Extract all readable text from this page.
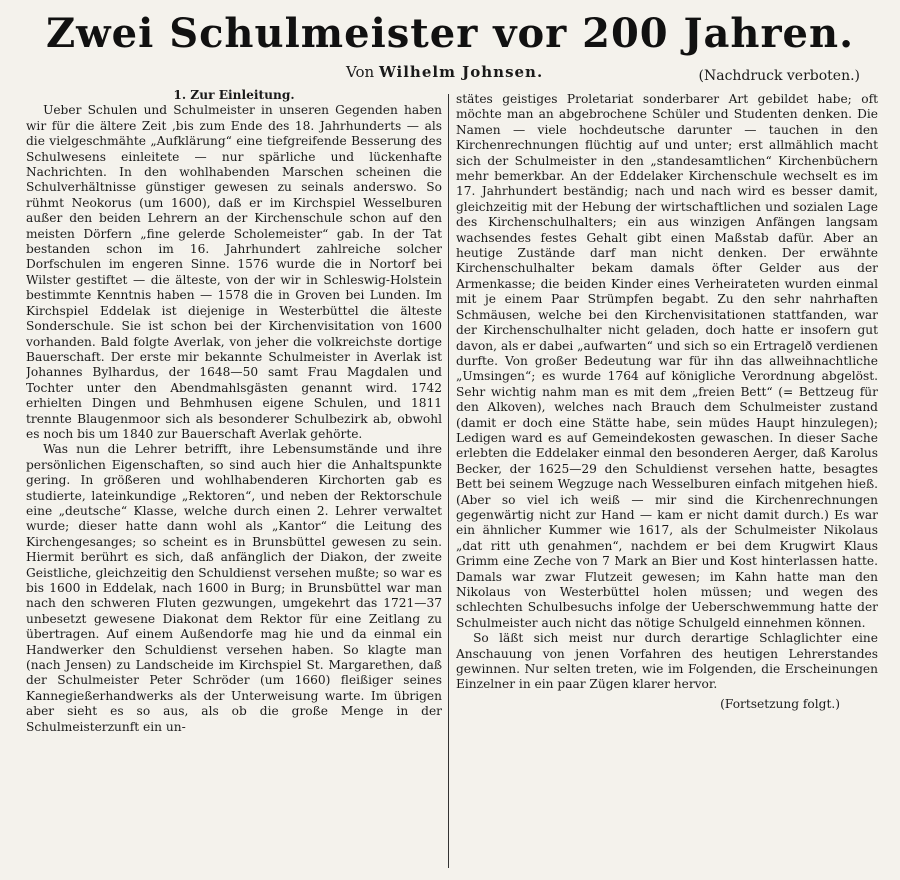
Zwei Schulmeister vor 200 Jahren.
Von Wilhelm Johnsen.	(Nachdruck verboten.)
1. Zur Einleitung.

Ueber Schulen und Schulmeister in unseren Gegenden haben wir für die ältere Zeit ‚bis zum Ende des 18. Jahrhunderts — als die vielgeschmähte „Aufklärung“ eine tiefgreifende Besserung des Schulwesens einleitete — nur spärliche und lückenhafte Nachrichten. In den wohlhabenden Marschen scheinen die Schulverhältnisse günstiger gewesen zu seinals anderswo. So rühmt Neokorus (um 1600), daß er im Kirchspiel Wesselburen außer den beiden Lehrern an der Kirchenschule schon auf den meisten Dörfern „fine gelerde Scholemeister“ gab. In der Tat bestanden schon im 16. Jahrhundert zahlreiche solcher Dorfschulen im engeren Sinne. 1576 wurde die in Nortorf bei Wilster gestiftet — die älteste, von der wir in Schleswig-Holstein bestimmte Kenntnis haben — 1578 die in Groven bei Lunden. Im Kirchspiel Eddelak ist diejenige in Westerbüttel die älteste Sonderschule. Sie ist schon bei der Kirchenvisitation von 1600 vorhanden. Bald folgte Averlak, von jeher die volkreichste dortige Bauerschaft. Der erste mir bekannte Schulmeister in Averlak ist Johannes Bylhardus, der 1648—50 samt Frau Magdalen und Tochter unter den Abendmahlsgästen genannt wird. 1742 erhielten Dingen und Behmhusen eigene Schulen, und 1811 trennte Blaugenmoor sich als besonderer Schulbezirk ab, obwohl es noch bis um 1840 zur Bauerschaft Averlak gehörte.

Was nun die Lehrer betrifft, ihre Lebensumstände und ihre persönlichen Eigenschaften, so sind auch hier die Anhaltspunkte gering. In größeren und wohlhabenderen Kirchorten gab es studierte, lateinkundige „Rektoren“, und neben der Rektorschule eine „deutsche“ Klasse, welche durch einen 2. Lehrer verwaltet wurde; dieser hatte dann wohl als „Kantor“ die Leitung des Kirchengesanges; so scheint es in Brunsbüttel gewesen zu sein. Hiermit berührt es sich, daß anfänglich der Diakon, der zweite Geistliche, gleichzeitig den Schuldienst versehen mußte; so war es bis 1600 in Eddelak, nach 1600 in Burg; in Brunsbüttel war man nach den schweren Fluten gezwungen, umgekehrt das 1721—37 unbesetzt gewesene Diakonat dem Rektor für eine Zeitlang zu übertragen. Auf einem Außendorfe mag hie und da einmal ein Handwerker den Schuldienst versehen haben. So klagte man (nach Jensen) zu Landscheide im Kirchspiel St. Margarethen, daß der Schulmeister Peter Schröder (um 1660) fleißiger seines Kannegießerhandwerks als der Unterweisung warte. Im übrigen aber sieht es so aus, als ob die große Menge in der Schulmeisterzunft ein un-

stätes geistiges Proletariat sonderbarer Art gebildet habe; oft möchte man an abgebrochene Schüler und Studenten denken. Die Namen — viele hochdeutsche darunter — tauchen in den Kirchenrechnungen flüchtig auf und unter; erst allmählich macht sich der Schulmeister in den „standesamtlichen“ Kirchenbüchern mehr bemerkbar. An der Eddelaker Kirchenschule wechselt es im 17. Jahrhundert beständig; nach und nach wird es besser damit, gleichzeitig mit der Hebung der wirtschaftlichen und sozialen Lage des Kirchenschulhalters; ein aus winzigen Anfängen langsam wachsendes festes Gehalt gibt einen Maßstab dafür. Aber an heutige Zustände darf man nicht denken. Der erwähnte Kirchenschulhalter bekam damals öfter Gelder aus der Armenkasse; die beiden Kinder eines Verheirateten wurden einmal mit je einem Paar Strümpfen begabt. Zu den sehr nahrhaften Schmäusen, welche bei den Kirchenvisitationen stattfanden, war der Kirchenschulhalter nicht geladen, doch hatte er insofern gut davon, als er dabei „aufwarten“ und sich so ein Ertragelð verdienen durfte. Von großer Bedeutung war für ihn das allweihnachtliche „Umsingen“; es wurde 1764 auf königliche Verordnung abgelöst. Sehr wichtig nahm man es mit dem „freien Bett“ (= Bettzeug für den Alkoven), welches nach Brauch dem Schulmeister zustand (damit er doch eine Stätte habe, sein müdes Haupt hinzulegen); Ledigen ward es auf Gemeindekosten gewaschen. In dieser Sache erlebten die Eddelaker einmal den besonderen Aerger, daß Karolus Becker, der 1625—29 den Schuldienst versehen hatte, besagtes Bett bei seinem Wegzuge nach Wesselburen einfach mitgehen hieß. (Aber so viel ich weiß — mir sind die Kirchenrechnungen gegenwärtig nicht zur Hand — kam er nicht damit durch.) Es war ein ähnlicher Kummer wie 1617, als der Schulmeister Nikolaus „dat ritt uth genahmen“, nachdem er bei dem Krugwirt Klaus Grimm eine Zeche von 7 Mark an Bier und Kost hinterlassen hatte. Damals war zwar Flutzeit gewesen; im Kahn hatte man den Nikolaus von Westerbüttel holen müssen; und wegen des schlechten Schulbesuchs infolge der Ueberschwemmung hatte der Schulmeister auch nicht das nötige Schulgeld einnehmen können.

So läßt sich meist nur durch derartige Schlaglichter eine Anschauung von jenen Vorfahren des heutigen Lehrerstandes gewinnen. Nur selten treten, wie im Folgenden, die Erscheinungen Einzelner in ein paar Zügen klarer hervor.

(Fortsetzung folgt.)
